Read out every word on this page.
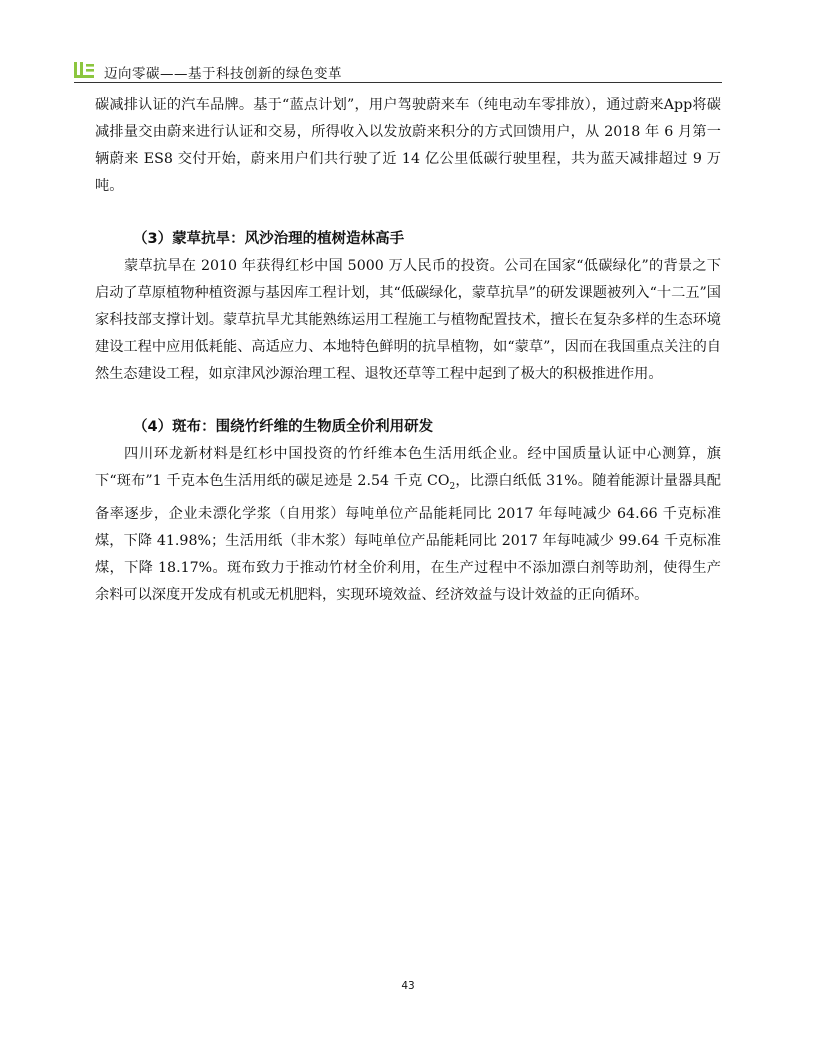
迈向零碳——基于科技创新的绿色变革

碳减排认证的汽车品牌。基于“蓝点计划”，用户驾驶蔚来车（纯电动车零排放），通过蔚来App将碳减排量交由蔚来进行认证和交易，所得收入以发放蔚来积分的方式回馈用户，从 2018 年 6 月第一辆蔚来 ES8 交付开始，蔚来用户们共行驶了近 14 亿公里低碳行驶里程，共为蓝天减排超过 9 万吨。

（3）蒙草抗旱：风沙治理的植树造林高手

蒙草抗旱在 2010 年获得红杉中国 5000 万人民币的投资。公司在国家“低碳绿化”的背景之下启动了草原植物种植资源与基因库工程计划，其“低碳绿化，蒙草抗旱”的研发课题被列入“十二五”国家科技部支撑计划。蒙草抗旱尤其能熟练运用工程施工与植物配置技术，擅长在复杂多样的生态环境建设工程中应用低耗能、高适应力、本地特色鲜明的抗旱植物，如“蒙草”，因而在我国重点关注的自然生态建设工程，如京津风沙源治理工程、退牧还草等工程中起到了极大的积极推进作用。

（4）斑布：围绕竹纤维的生物质全价利用研发

四川环龙新材料是红杉中国投资的竹纤维本色生活用纸企业。经中国质量认证中心测算，旗下“斑布”1 千克本色生活用纸的碳足迹是 2.54 千克 $CO_2$，比漂白纸低 31%。随着能源计量器具配备率逐步，企业未漂化学浆（自用浆）每吨单位产品能耗同比 2017 年每吨减少 64.66 千克标准煤，下降 41.98%；生活用纸（非木浆）每吨单位产品能耗同比 2017 年每吨减少 99.64 千克标准煤，下降 18.17%。斑布致力于推动竹材全价利用，在生产过程中不添加漂白剂等助剂，使得生产余料可以深度开发成有机或无机肥料，实现环境效益、经济效益与设计效益的正向循环。

43
